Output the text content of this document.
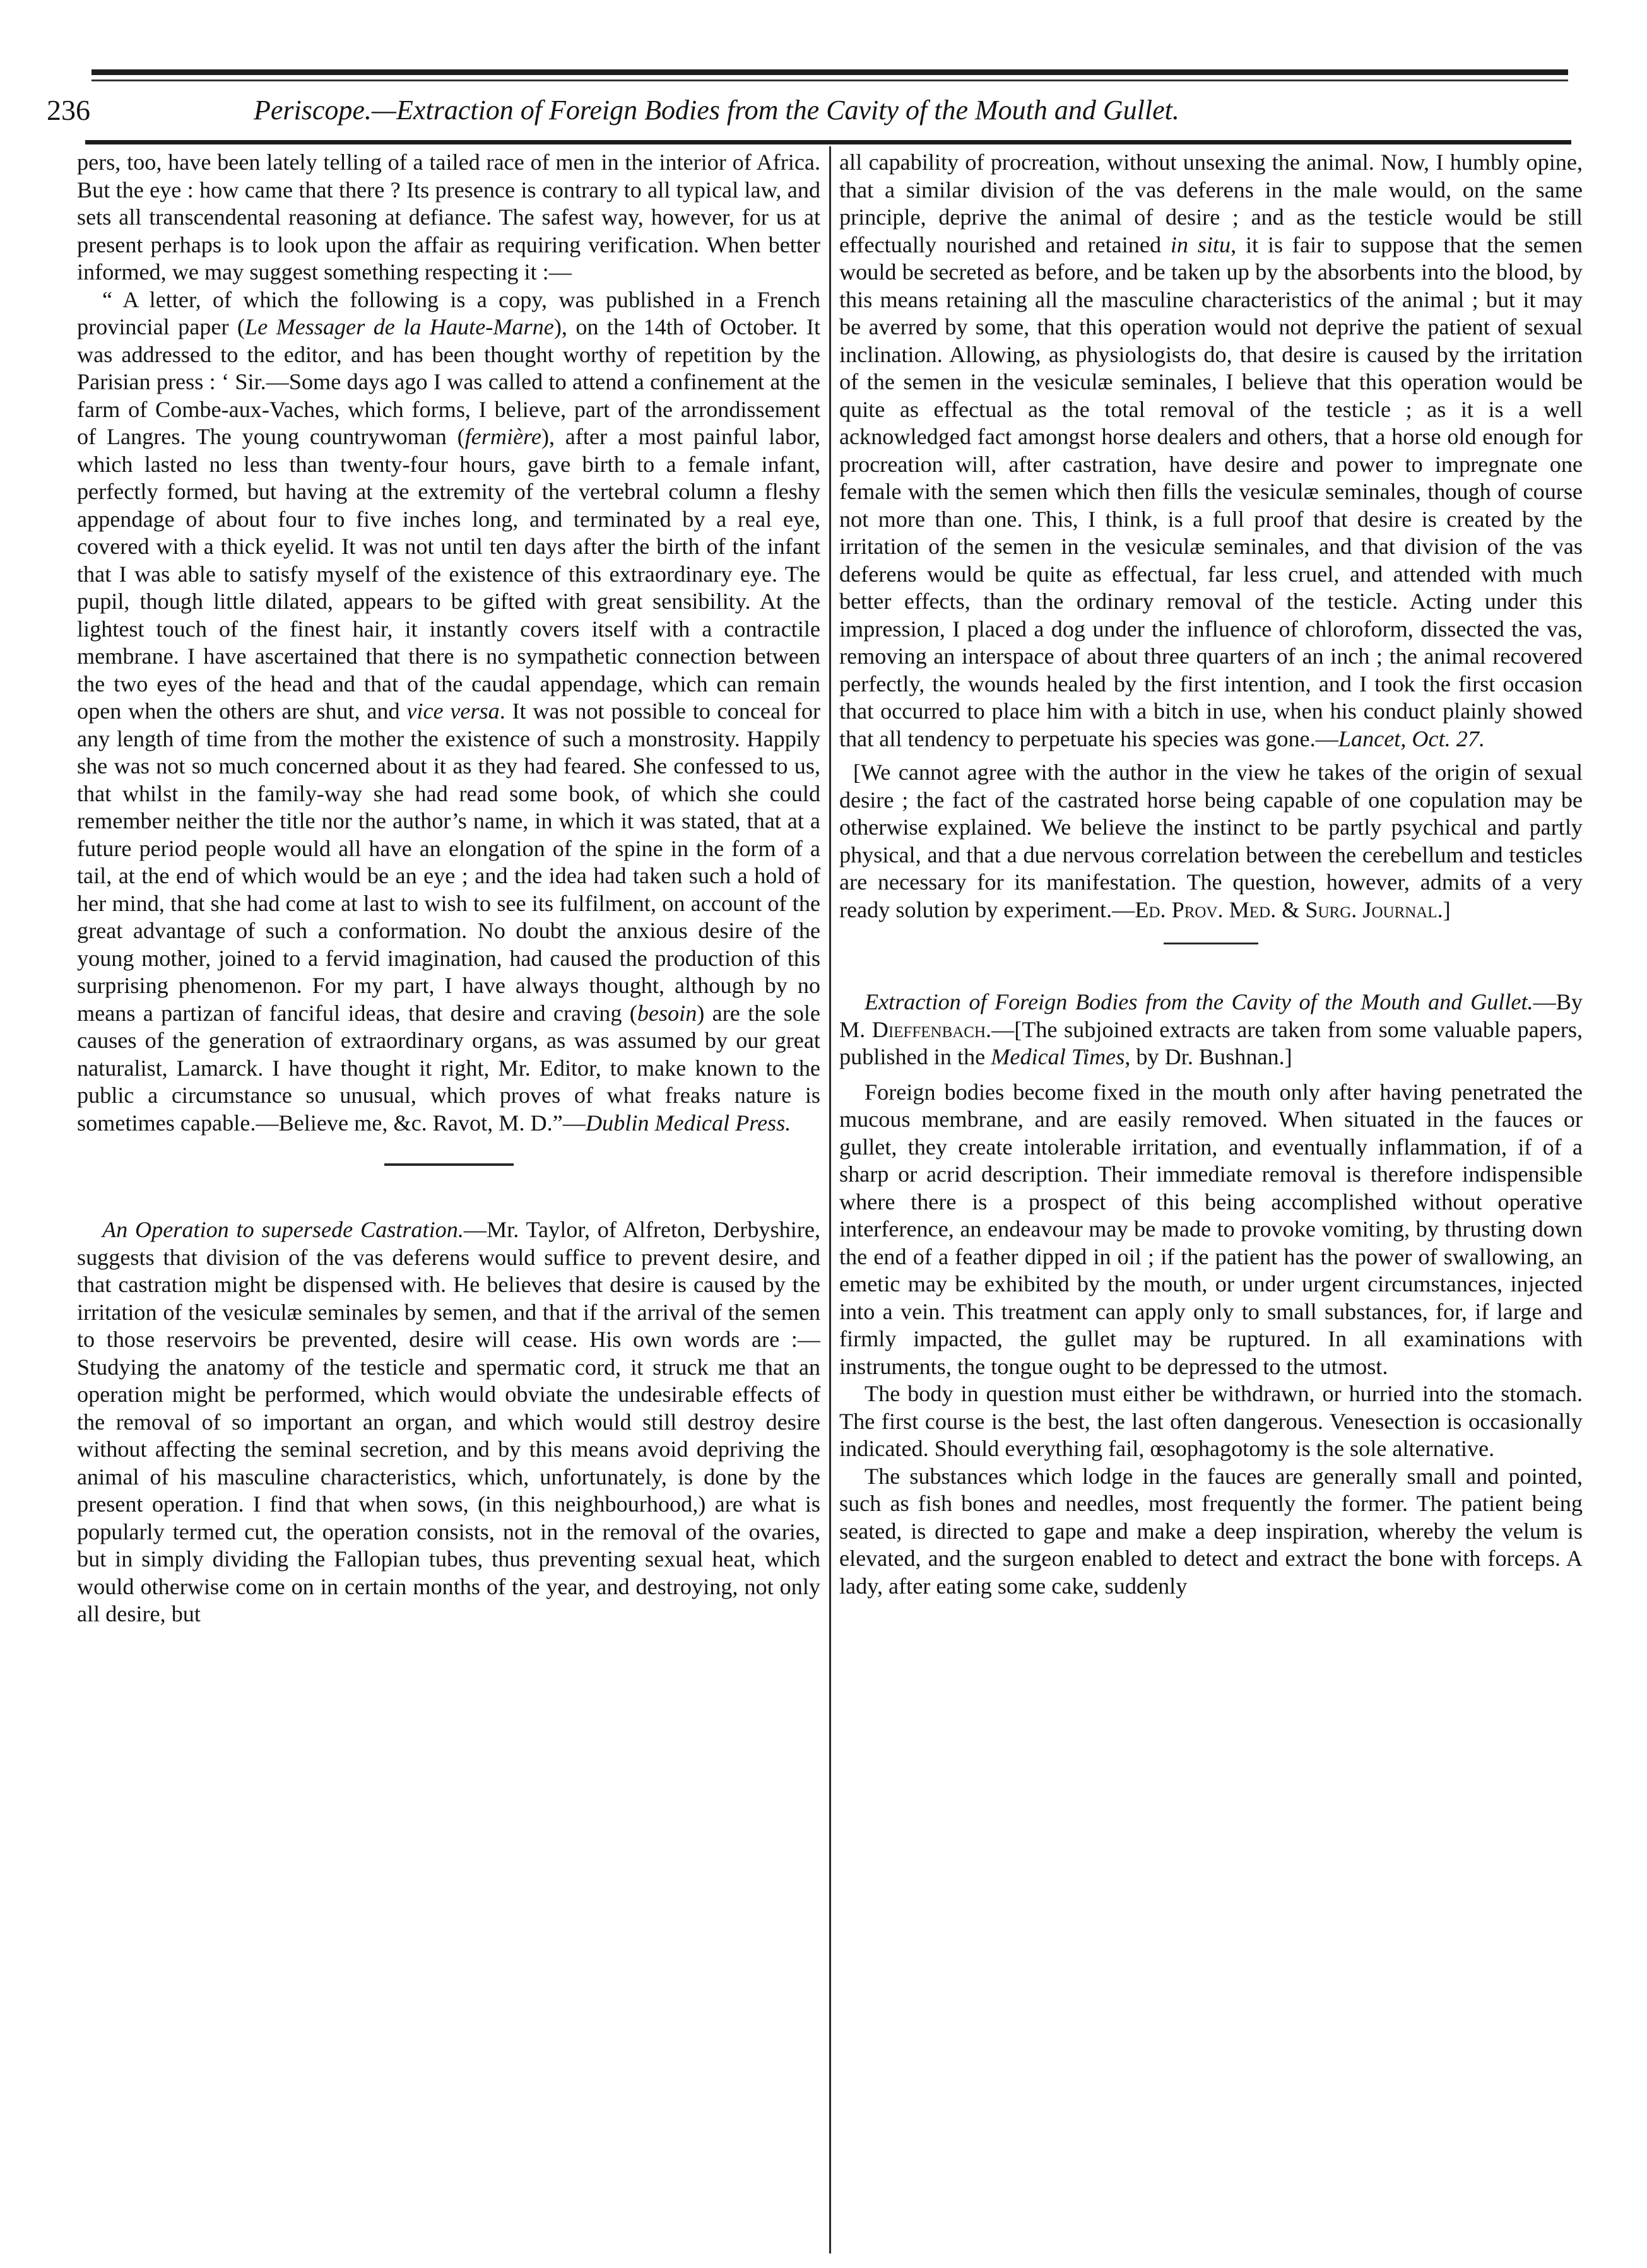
236	Periscope.—Extraction of Foreign Bodies from the Cavity of the Mouth and Gullet.

pers, too, have been lately telling of a tailed race of men in the interior of Africa. But the eye : how came that there ? Its presence is contrary to all typical law, and sets all transcendental reasoning at defiance. The safest way, however, for us at present perhaps is to look upon the affair as requiring verification. When better informed, we may suggest something respecting it :—

“ A letter, of which the following is a copy, was published in a French provincial paper (Le Messager de la Haute-Marne), on the 14th of October. It was addressed to the editor, and has been thought worthy of repetition by the Parisian press : ‘ Sir.—Some days ago I was called to attend a confinement at the farm of Combe-aux-Vaches, which forms, I believe, part of the arrondissement of Langres. The young countrywoman (fermière), after a most painful labor, which lasted no less than twenty-four hours, gave birth to a female infant, perfectly formed, but having at the extremity of the vertebral column a fleshy appendage of about four to five inches long, and terminated by a real eye, covered with a thick eyelid. It was not until ten days after the birth of the infant that I was able to satisfy myself of the existence of this extraordinary eye. The pupil, though little dilated, appears to be gifted with great sensibility. At the lightest touch of the finest hair, it instantly covers itself with a contractile membrane. I have ascertained that there is no sympathetic connection between the two eyes of the head and that of the caudal appendage, which can remain open when the others are shut, and vice versa. It was not possible to conceal for any length of time from the mother the existence of such a monstrosity. Happily she was not so much concerned about it as they had feared. She confessed to us, that whilst in the family-way she had read some book, of which she could remember neither the title nor the author’s name, in which it was stated, that at a future period people would all have an elongation of the spine in the form of a tail, at the end of which would be an eye ; and the idea had taken such a hold of her mind, that she had come at last to wish to see its fulfilment, on account of the great advantage of such a conformation. No doubt the anxious desire of the young mother, joined to a fervid imagination, had caused the production of this surprising phenomenon. For my part, I have always thought, although by no means a partizan of fanciful ideas, that desire and craving (besoin) are the sole causes of the generation of extraordinary organs, as was assumed by our great naturalist, Lamarck. I have thought it right, Mr. Editor, to make known to the public a circumstance so unusual, which proves of what freaks nature is sometimes capable.—Believe me, &c. Ravot, M. D.”—Dublin Medical Press.

An Operation to supersede Castration.—Mr. Taylor, of Alfreton, Derbyshire, suggests that division of the vas deferens would suffice to prevent desire, and that castration might be dispensed with. He believes that desire is caused by the irritation of the vesiculæ seminales by semen, and that if the arrival of the semen to those reservoirs be prevented, desire will cease. His own words are :—Studying the anatomy of the testicle and spermatic cord, it struck me that an operation might be performed, which would obviate the undesirable effects of the removal of so important an organ, and which would still destroy desire without affecting the seminal secretion, and by this means avoid depriving the animal of his masculine characteristics, which, unfortunately, is done by the present operation. I find that when sows, (in this neighbourhood,) are what is popularly termed cut, the operation consists, not in the removal of the ovaries, but in simply dividing the Fallopian tubes, thus preventing sexual heat, which would otherwise come on in certain months of the year, and destroying, not only all desire, but

all capability of procreation, without unsexing the animal. Now, I humbly opine, that a similar division of the vas deferens in the male would, on the same principle, deprive the animal of desire ; and as the testicle would be still effectually nourished and retained in situ, it is fair to suppose that the semen would be secreted as before, and be taken up by the absorbents into the blood, by this means retaining all the masculine characteristics of the animal ; but it may be averred by some, that this operation would not deprive the patient of sexual inclination. Allowing, as physiologists do, that desire is caused by the irritation of the semen in the vesiculæ seminales, I believe that this operation would be quite as effectual as the total removal of the testicle ; as it is a well acknowledged fact amongst horse dealers and others, that a horse old enough for procreation will, after castration, have desire and power to impregnate one female with the semen which then fills the vesiculæ seminales, though of course not more than one. This, I think, is a full proof that desire is created by the irritation of the semen in the vesiculæ seminales, and that division of the vas deferens would be quite as effectual, far less cruel, and attended with much better effects, than the ordinary removal of the testicle. Acting under this impression, I placed a dog under the influence of chloroform, dissected the vas, removing an interspace of about three quarters of an inch ; the animal recovered perfectly, the wounds healed by the first intention, and I took the first occasion that occurred to place him with a bitch in use, when his conduct plainly showed that all tendency to perpetuate his species was gone.—Lancet, Oct. 27.

[We cannot agree with the author in the view he takes of the origin of sexual desire ; the fact of the castrated horse being capable of one copulation may be otherwise explained. We believe the instinct to be partly psychical and partly physical, and that a due nervous correlation between the cerebellum and testicles are necessary for its manifestation. The question, however, admits of a very ready solution by experiment.—Ed. Prov. Med. & Surg. Journal.]

Extraction of Foreign Bodies from the Cavity of the Mouth and Gullet.—By M. Dieffenbach.—[The subjoined extracts are taken from some valuable papers, published in the Medical Times, by Dr. Bushnan.]

Foreign bodies become fixed in the mouth only after having penetrated the mucous membrane, and are easily removed. When situated in the fauces or gullet, they create intolerable irritation, and eventually inflammation, if of a sharp or acrid description. Their immediate removal is therefore indispensible where there is a prospect of this being accomplished without operative interference, an endeavour may be made to provoke vomiting, by thrusting down the end of a feather dipped in oil ; if the patient has the power of swallowing, an emetic may be exhibited by the mouth, or under urgent circumstances, injected into a vein. This treatment can apply only to small substances, for, if large and firmly impacted, the gullet may be ruptured. In all examinations with instruments, the tongue ought to be depressed to the utmost.

The body in question must either be withdrawn, or hurried into the stomach. The first course is the best, the last often dangerous. Venesection is occasionally indicated. Should everything fail, œsophagotomy is the sole alternative.

The substances which lodge in the fauces are generally small and pointed, such as fish bones and needles, most frequently the former. The patient being seated, is directed to gape and make a deep inspiration, whereby the velum is elevated, and the surgeon enabled to detect and extract the bone with forceps. A lady, after eating some cake, suddenly
